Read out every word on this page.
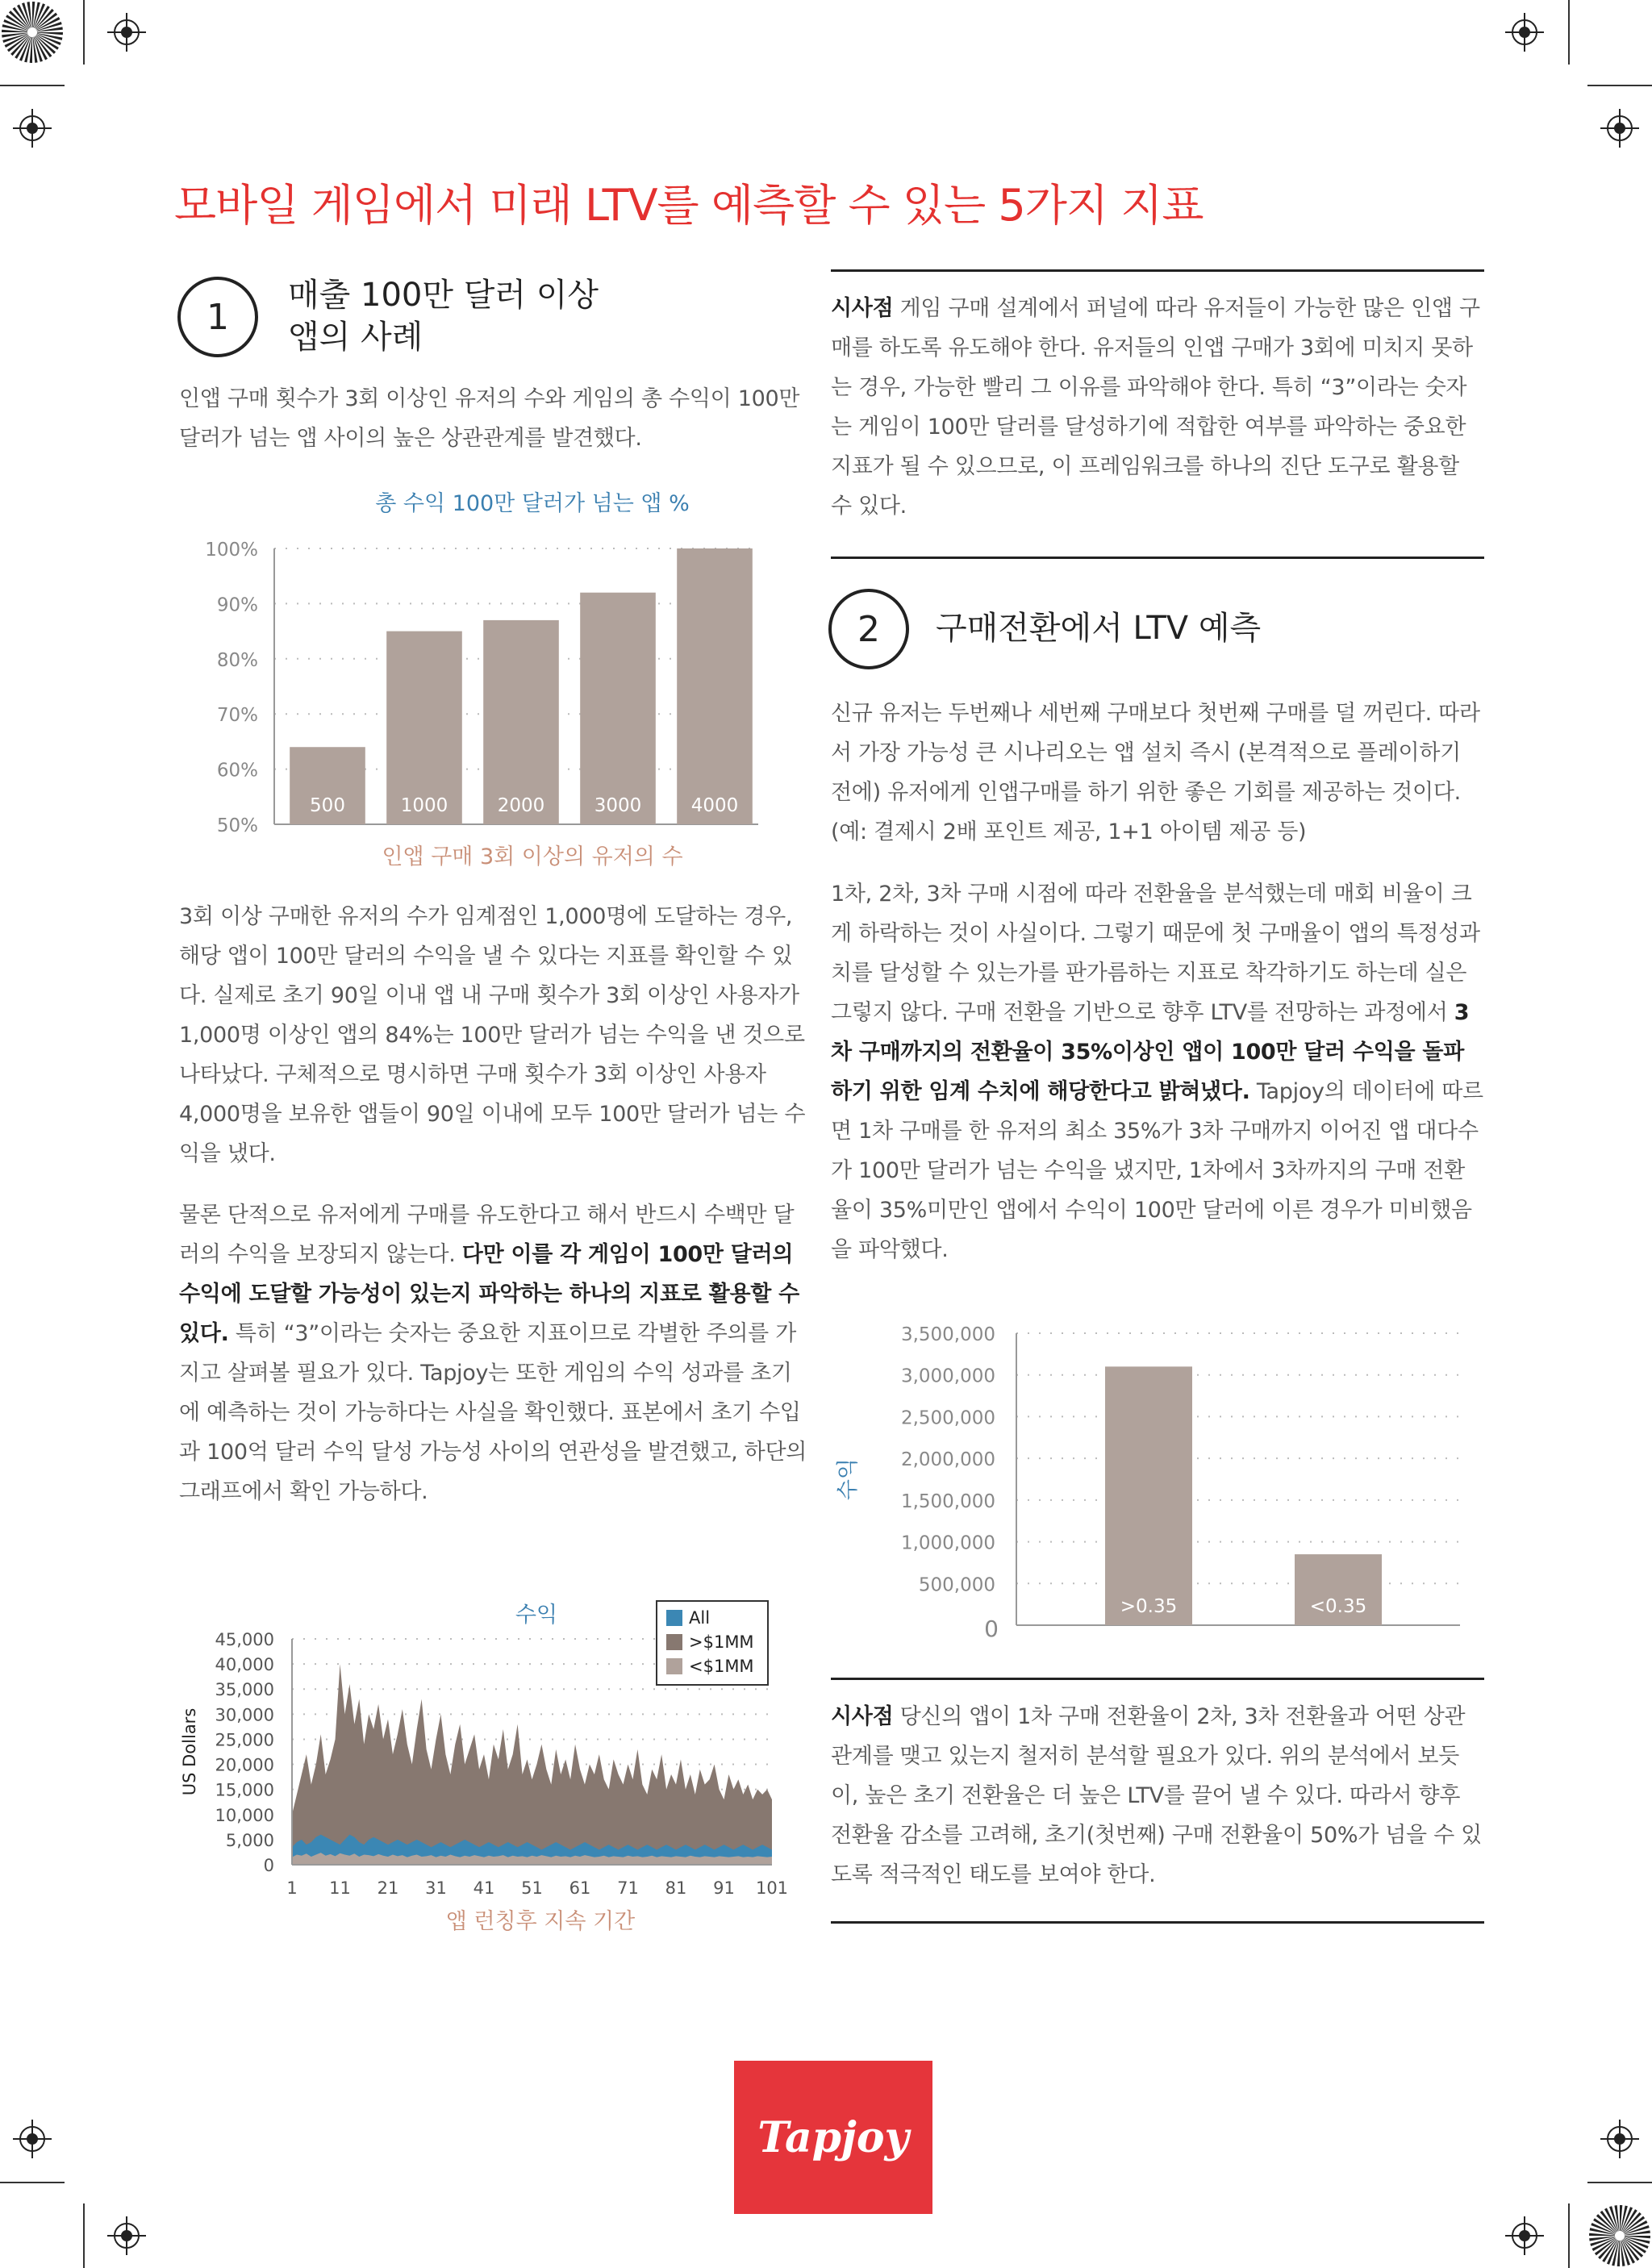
모바일 게임에서 미래 LTV를 예측할 수 있는 5가지 지표
1
매출 100만 달러 이상
앱의 사례
인앱 구매 횟수가 3회 이상인 유저의 수와 게임의 총 수익이 100만 달러가 넘는 앱 사이의 높은 상관관계를 발견했다.
총 수익 100만 달러가 넘는 앱 %
100%
90%
80%
70%
60%
50%
500	1000	2000	3000	4000
인앱 구매 3회 이상의 유저의 수
3회 이상 구매한 유저의 수가 임계점인 1,000명에 도달하는 경우, 해당 앱이 100만 달러의 수익을 낼 수 있다는 지표를 확인할 수 있다. 실제로 초기 90일 이내 앱 내 구매 횟수가 3회 이상인 사용자가 1,000명 이상인 앱의 84%는 100만 달러가 넘는 수익을 낸 것으로 나타났다. 구체적으로 명시하면 구매 횟수가 3회 이상인 사용자 4,000명을 보유한 앱들이 90일 이내에 모두 100만 달러가 넘는 수익을 냈다.
물론 단적으로 유저에게 구매를 유도한다고 해서 반드시 수백만 달러의 수익을 보장되지 않는다. 다만 이를 각 게임이 100만 달러의 수익에 도달할 가능성이 있는지 파악하는 하나의 지표로 활용할 수 있다. 특히 “3”이라는 숫자는 중요한 지표이므로 각별한 주의를 가지고 살펴볼 필요가 있다. Tapjoy는 또한 게임의 수익 성과를 초기에 예측하는 것이 가능하다는 사실을 확인했다. 표본에서 초기 수입과 100억 달러 수익 달성 가능성 사이의 연관성을 발견했고, 하단의 그래프에서 확인 가능하다.
수익
45,000
40,000
35,000
30,000
25,000
20,000
15,000
10,000
5,000
0
1 11 21 31 41 51 61 71 81 91 101
US Dollars
All
>$1MM
<$1MM
앱 런칭후 지속 기간
시사점 게임 구매 설계에서 퍼널에 따라 유저들이 가능한 많은 인앱 구매를 하도록 유도해야 한다. 유저들의 인앱 구매가 3회에 미치지 못하는 경우, 가능한 빨리 그 이유를 파악해야 한다. 특히 “3”이라는 숫자는 게임이 100만 달러를 달성하기에 적합한 여부를 파악하는 중요한 지표가 될 수 있으므로, 이 프레임워크를 하나의 진단 도구로 활용할 수 있다.
2	구매전환에서 LTV 예측
신규 유저는 두번째나 세번째 구매보다 첫번째 구매를 덜 꺼린다. 따라서 가장 가능성 큰 시나리오는 앱 설치 즉시 (본격적으로 플레이하기 전에) 유저에게 인앱구매를 하기 위한 좋은 기회를 제공하는 것이다. (예: 결제시 2배 포인트 제공, 1+1 아이템 제공 등)
1차, 2차, 3차 구매 시점에 따라 전환율을 분석했는데 매회 비율이 크게 하락하는 것이 사실이다. 그렇기 때문에 첫 구매율이 앱의 특정성과치를 달성할 수 있는가를 판가름하는 지표로 착각하기도 하는데 실은 그렇지 않다. 구매 전환을 기반으로 향후 LTV를 전망하는 과정에서 3차 구매까지의 전환율이 35%이상인 앱이 100만 달러 수익을 돌파하기 위한 임계 수치에 해당한다고 밝혀냈다. Tapjoy의 데이터에 따르면 1차 구매를 한 유저의 최소 35%가 3차 구매까지 이어진 앱 대다수가 100만 달러가 넘는 수익을 냈지만, 1차에서 3차까지의 구매 전환율이 35%미만인 앱에서 수익이 100만 달러에 이른 경우가 미비했음을 파악했다.
3,500,000
3,000,000
2,500,000
2,000,000
1,500,000
1,000,000
500,000
0
수익
>0.35	<0.35
시사점 당신의 앱이 1차 구매 전환율이 2차, 3차 전환율과 어떤 상관관계를 맺고 있는지 철저히 분석할 필요가 있다. 위의 분석에서 보듯이, 높은 초기 전환율은 더 높은 LTV를 끌어 낼 수 있다. 따라서 향후 전환율 감소를 고려해, 초기(첫번째) 구매 전환율이 50%가 넘을 수 있도록 적극적인 태도를 보여야 한다.
Tapjoy
